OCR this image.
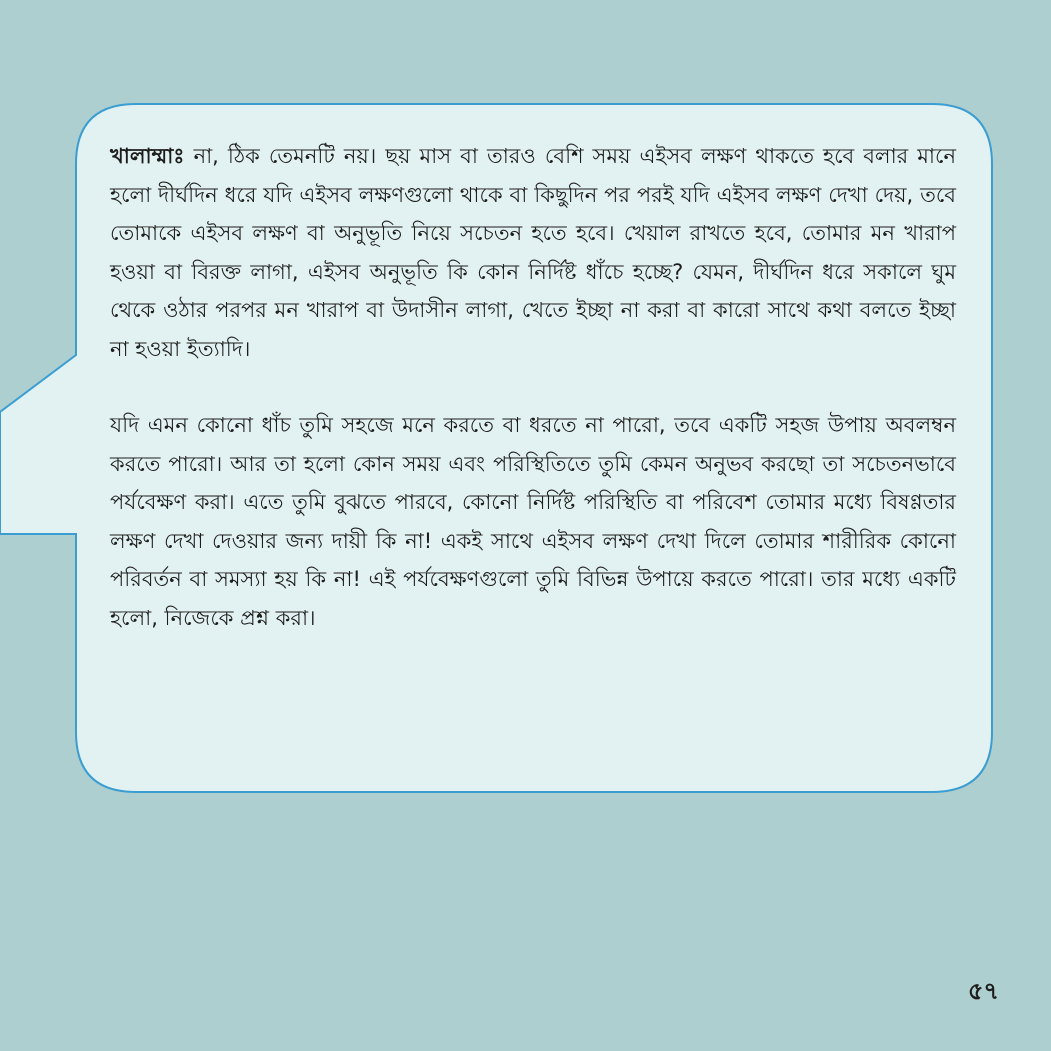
খালাম্মাঃ না, ঠিক তেমনটি নয়। ছয় মাস বা তারও বেশি সময় এইসব লক্ষণ থাকতে হবে বলার মানে হলো দীর্ঘদিন ধরে যদি এইসব লক্ষণগুলো থাকে বা কিছুদিন পর পরই যদি এইসব লক্ষণ দেখা দেয়, তবে তোমাকে এইসব লক্ষণ বা অনুভূতি নিয়ে সচেতন হতে হবে। খেয়াল রাখতে হবে, তোমার মন খারাপ হওয়া বা বিরক্ত লাগা, এইসব অনুভূতি কি কোন নির্দিষ্ট ধাঁচে হচ্ছে? যেমন, দীর্ঘদিন ধরে সকালে ঘুম থেকে ওঠার পরপর মন খারাপ বা উদাসীন লাগা, খেতে ইচ্ছা না করা বা কারো সাথে কথা বলতে ইচ্ছা না হওয়া ইত্যাদি।

যদি এমন কোনো ধাঁচ তুমি সহজে মনে করতে বা ধরতে না পারো, তবে একটি সহজ উপায় অবলম্বন করতে পারো। আর তা হলো কোন সময় এবং পরিস্থিতিতে তুমি কেমন অনুভব করছো তা সচেতনভাবে পর্যবেক্ষণ করা। এতে তুমি বুঝতে পারবে, কোনো নির্দিষ্ট পরিস্থিতি বা পরিবেশ তোমার মধ্যে বিষণ্ণতার লক্ষণ দেখা দেওয়ার জন্য দায়ী কি না! একই সাথে এইসব লক্ষণ দেখা দিলে তোমার শারীরিক কোনো পরিবর্তন বা সমস্যা হয় কি না! এই পর্যবেক্ষণগুলো তুমি বিভিন্ন উপায়ে করতে পারো। তার মধ্যে একটি হলো, নিজেকে প্রশ্ন করা।

৫৭
